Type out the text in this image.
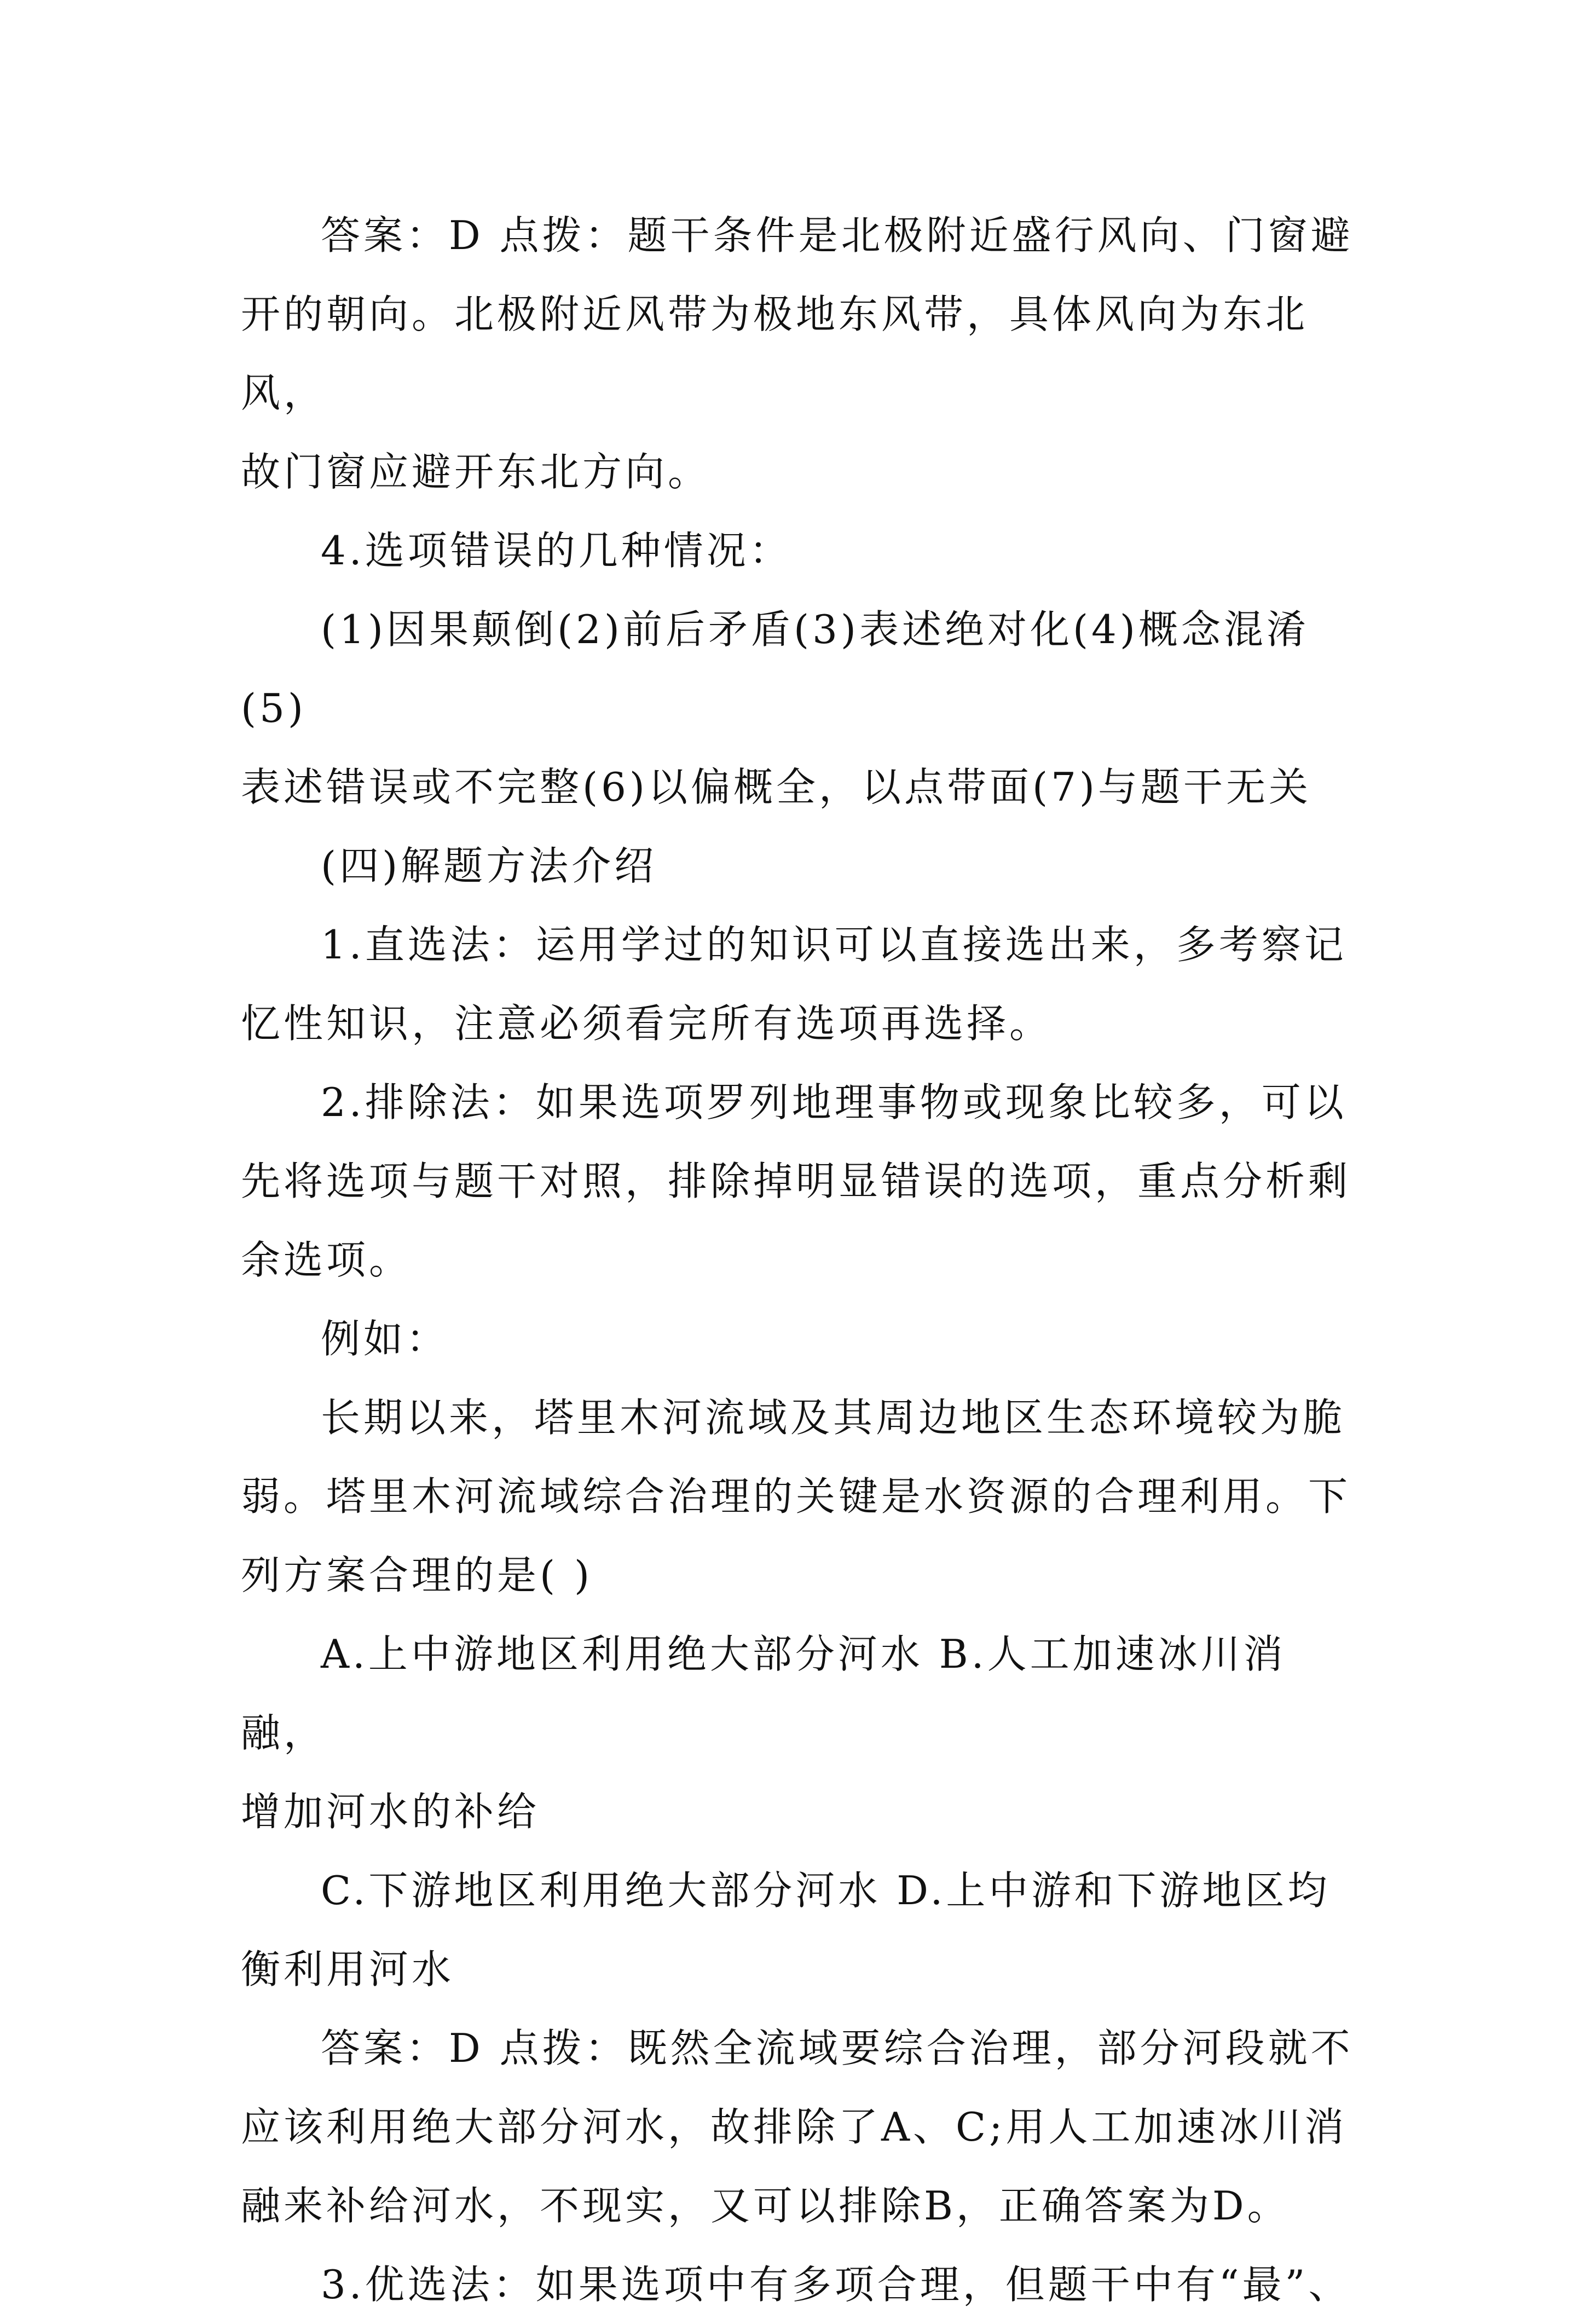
答案：D 点拨：题干条件是北极附近盛行风向、门窗避
开的朝向。北极附近风带为极地东风带，具体风向为东北风，
故门窗应避开东北方向。

4.选项错误的几种情况：

(1)因果颠倒(2)前后矛盾(3)表述绝对化(4)概念混淆(5)
表述错误或不完整(6)以偏概全，以点带面(7)与题干无关

(四)解题方法介绍

1.直选法：运用学过的知识可以直接选出来，多考察记
忆性知识，注意必须看完所有选项再选择。

2.排除法：如果选项罗列地理事物或现象比较多，可以
先将选项与题干对照，排除掉明显错误的选项，重点分析剩
余选项。

例如：

长期以来，塔里木河流域及其周边地区生态环境较为脆
弱。塔里木河流域综合治理的关键是水资源的合理利用。下
列方案合理的是( )

A.上中游地区利用绝大部分河水 B.人工加速冰川消融，
增加河水的补给

C.下游地区利用绝大部分河水 D.上中游和下游地区均
衡利用河水

答案：D 点拨：既然全流域要综合治理，部分河段就不
应该利用绝大部分河水，故排除了A、C;用人工加速冰川消
融来补给河水，不现实，又可以排除B，正确答案为D。

3.优选法：如果选项中有多项合理，但题干中有“最”、
